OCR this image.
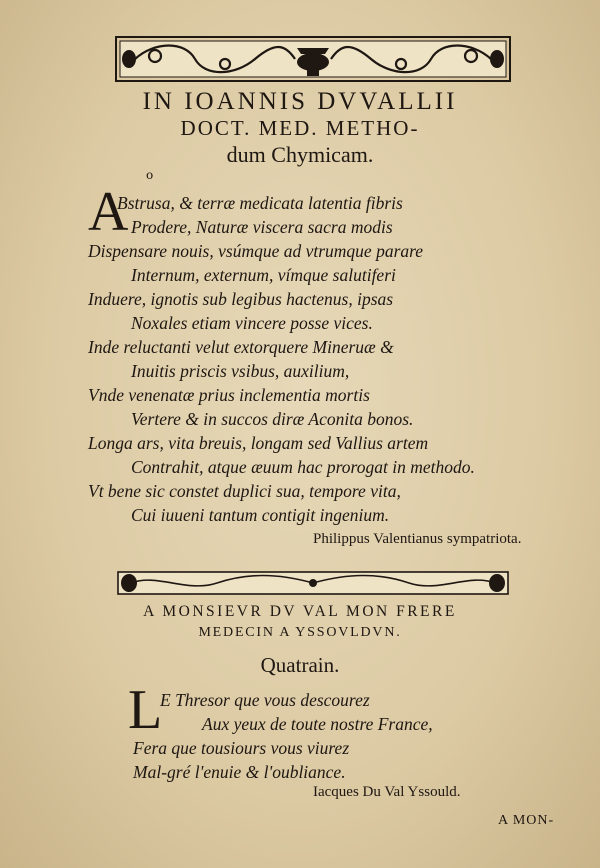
IN IOANNIS DVVALLII
DOCT. MED. METHO-
dum Chymicam.
o
A
Bstrusa, & terræ medicata latentia fibris
Prodere, Naturæ viscera sacra modis
Dispensare nouis, vsúmque ad vtrumque parare
Internum, externum, vímque salutiferi
Induere, ignotis sub legibus hactenus, ipsas
Noxales etiam vincere posse vices.
Inde reluctanti velut extorquere Mineruæ &
Inuitis priscis vsibus, auxilium,
Vnde venenatæ prius inclementia mortis
Vertere & in succos diræ Aconita bonos.
Longa ars, vita breuis, longam sed Vallius artem
Contrahit, atque æuum hac prorogat in methodo.
Vt bene sic constet duplici sua, tempore vita,
Cui iuueni tantum contigit ingenium.
Philippus Valentianus sympatriota.
A MONSIEVR DV VAL MON FRERE
MEDECIN A YSSOVLDVN.
Quatrain.
L
E Thresor que vous descourez
Aux yeux de toute nostre France,
Fera que tousiours vous viurez
Mal-gré l'enuie & l'oubliance.
Iacques Du Val Yssould.
A MON-
